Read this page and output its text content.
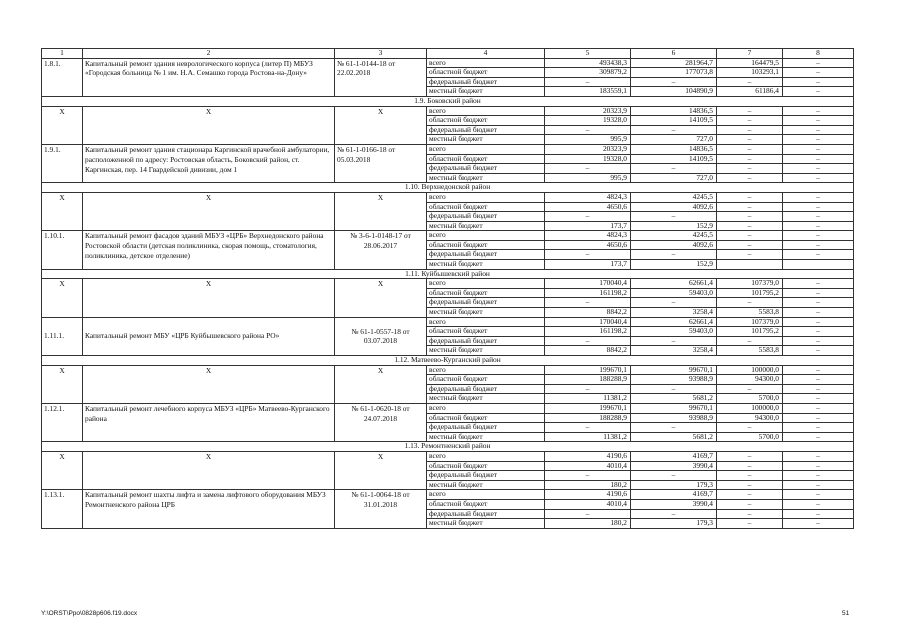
1	2	3	4	5	6	7	8
1.8.1.	Капитальный ремонт здания неврологического корпуса (литер П) МБУЗ «Городская больница № 1 им. Н.А. Семашко города Ростова-на-Дону»	№ 61-1-0144-18 от 22.02.2018	всего	493438,3	281964,7	164479,5	–
			областной бюджет	309879,2	177073,8	103293,1	–
			федеральный бюджет	–	–	–	–
			местный бюджет	183559,1	104890,9	61186,4	–
1.9. Боковский район							
X	X	X	всего	20323,9	14836,5	–	–
			областной бюджет	19328,0	14109,5	–	–
			федеральный бюджет	–	–	–	–
			местный бюджет	995,9	727,0	–	–
1.9.1.	Капитальный ремонт здания стационара Каргинской врачебной амбулатории, расположенной по адресу: Ростовская область, Боковский район, ст. Каргинская, пер. 14 Гвардейской дивизии, дом 1	№ 61-1-0166-18 от 05.03.2018	всего	20323,9	14836,5	–	–
			областной бюджет	19328,0	14109,5	–	–
			федеральный бюджет	–	–	–	–
			местный бюджет	995,9	727,0	–	–
1.10. Верхнедонской район							
X	X	X	всего	4824,3	4245,5	–	–
			областной бюджет	4650,6	4092,6	–	–
			федеральный бюджет	–	–	–	–
			местный бюджет	173,7	152,9	–	–
1.10.1.	Капитальный ремонт фасадов зданий МБУЗ «ЦРБ» Верхнедонского района Ростовской области (детская поликлиника, скорая помощь, стоматология, поликлиника, детское отделение)	№ 3-6-1-0148-17 от 28.06.2017	всего	4824,3	4245,5	–	–
			областной бюджет	4650,6	4092,6	–	–
			федеральный бюджет	–	–	–	–
			местный бюджет	173,7	152,9		
1.11. Куйбышевский район							
X	X	X	всего	170040,4	62661,4	107379,0	–
			областной бюджет	161198,2	59403,0	101795,2	–
			федеральный бюджет	–	–	–	–
			местный бюджет	8842,2	3258,4	5583,8	–
1.11.1.	Капитальный ремонт МБУ «ЦРБ Куйбышевского района РО»	№ 61-1-0557-18 от 03.07.2018	всего	170040,4	62661,4	107379,0	–
			областной бюджет	161198,2	59403,0	101795,2	–
			федеральный бюджет	–	–	–	–
			местный бюджет	8842,2	3258,4	5583,8	–
1.12. Матвеево-Курганский район							
X	X	X	всего	199670,1	99670,1	100000,0	–
			областной бюджет	188288,9	93988,9	94300,0	–
			федеральный бюджет	–	–	–	–
			местный бюджет	11381,2	5681,2	5700,0	–
1.12.1.	Капитальный ремонт лечебного корпуса МБУЗ «ЦРБ» Матвеево-Курганского района	№ 61-1-0620-18 от 24.07.2018	всего	199670,1	99670,1	100000,0	–
			областной бюджет	188288,9	93988,9	94300,0	–
			федеральный бюджет	–	–	–	–
			местный бюджет	11381,2	5681,2	5700,0	–
1.13. Ремонтненский район							
X	X	X	всего	4190,6	4169,7	–	–
			областной бюджет	4010,4	3990,4	–	–
			федеральный бюджет	–	–	–	–
			местный бюджет	180,2	179,3	–	–
1.13.1.	Капитальный ремонт шахты лифта и замена лифтового оборудования МБУЗ Ремонтненского района ЦРБ	№ 61-1-0064-18 от 31.01.2018	всего	4190,6	4169,7	–	–
			областной бюджет	4010,4	3990,4	–	–
			федеральный бюджет	–	–	–	–
			местный бюджет	180,2	179,3	–	–
Y:\ORST\Ppo\0828p606.f19.docx	51
